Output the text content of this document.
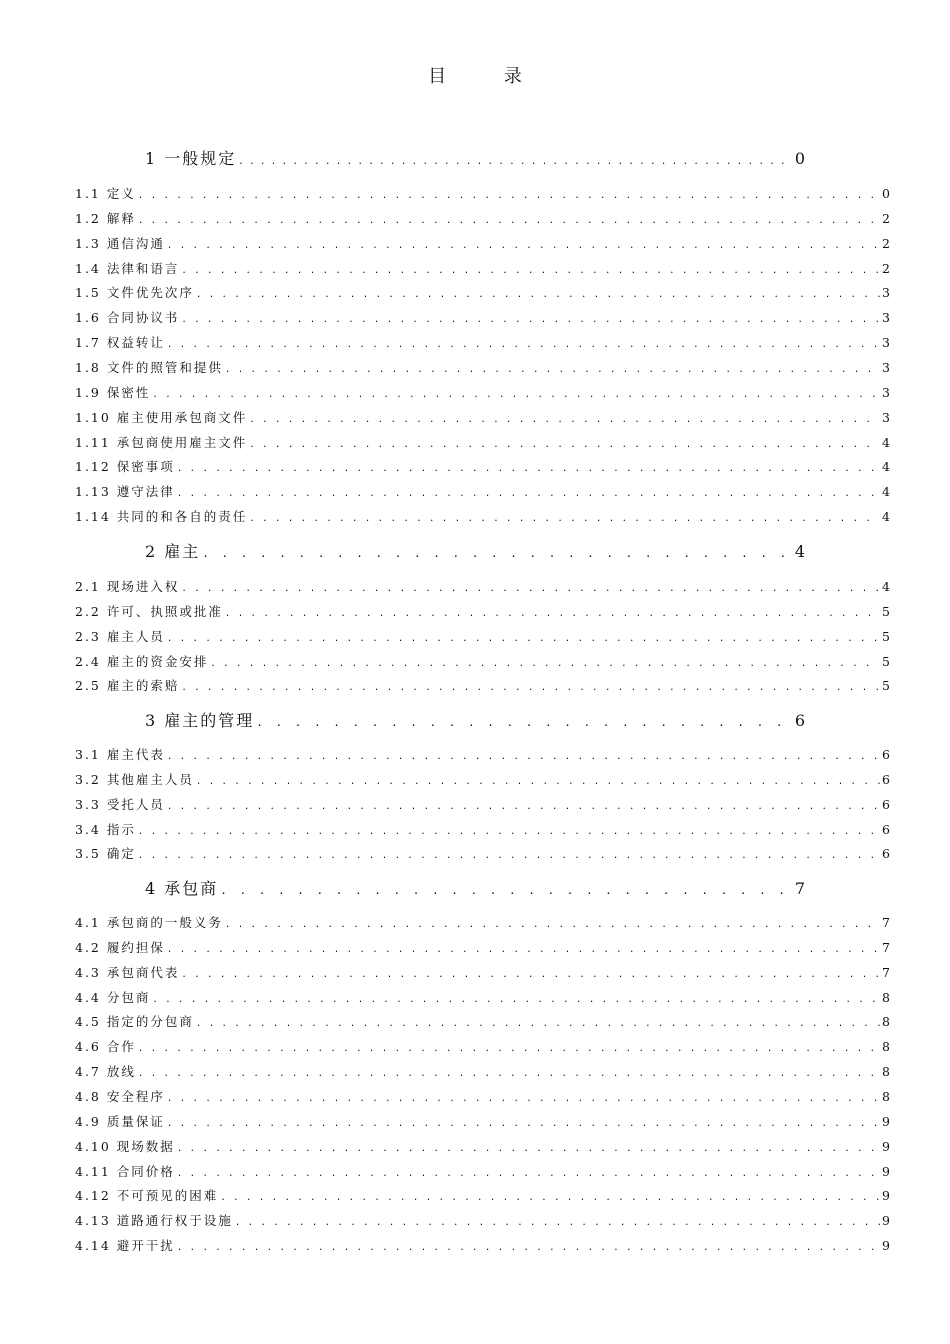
目 录
1 一般规定 . . .	0
1.1 定义 . . .	0
1.2 解释 . . .	2
1.3 通信沟通 . . .	2
1.4 法律和语言 . . .	2
1.5 文件优先次序 . . .	3
1.6 合同协议书 . . .	3
1.7 权益转让 . . .	3
1.8 文件的照管和提供 . . .	3
1.9 保密性 . . .	3
1.10 雇主使用承包商文件 . . .	3
1.11 承包商使用雇主文件 . . .	4
1.12 保密事项 . . .	4
1.13 遵守法律 . . .	4
1.14 共同的和各自的责任 . . .	4
2 雇主 . . .	4
2.1 现场进入权 . . .	4
2.2 许可、执照或批准 . . .	5
2.3 雇主人员 . . .	5
2.4 雇主的资金安排 . . .	5
2.5 雇主的索赔 . . .	5
3 雇主的管理 . . .	6
3.1 雇主代表 . . .	6
3.2 其他雇主人员 . . .	6
3.3 受托人员 . . .	6
3.4 指示 . . .	6
3.5 确定 . . .	6
4 承包商 . . .	7
4.1 承包商的一般义务 . . .	7
4.2 履约担保 . . .	7
4.3 承包商代表 . . .	7
4.4 分包商 . . .	8
4.5 指定的分包商 . . .	8
4.6 合作 . . .	8
4.7 放线 . . .	8
4.8 安全程序 . . .	8
4.9 质量保证 . . .	9
4.10 现场数据 . . .	9
4.11 合同价格 . . .	9
4.12 不可预见的困难 . . .	9
4.13 道路通行权于设施 . . .	9
4.14 避开干扰 . . .	9
